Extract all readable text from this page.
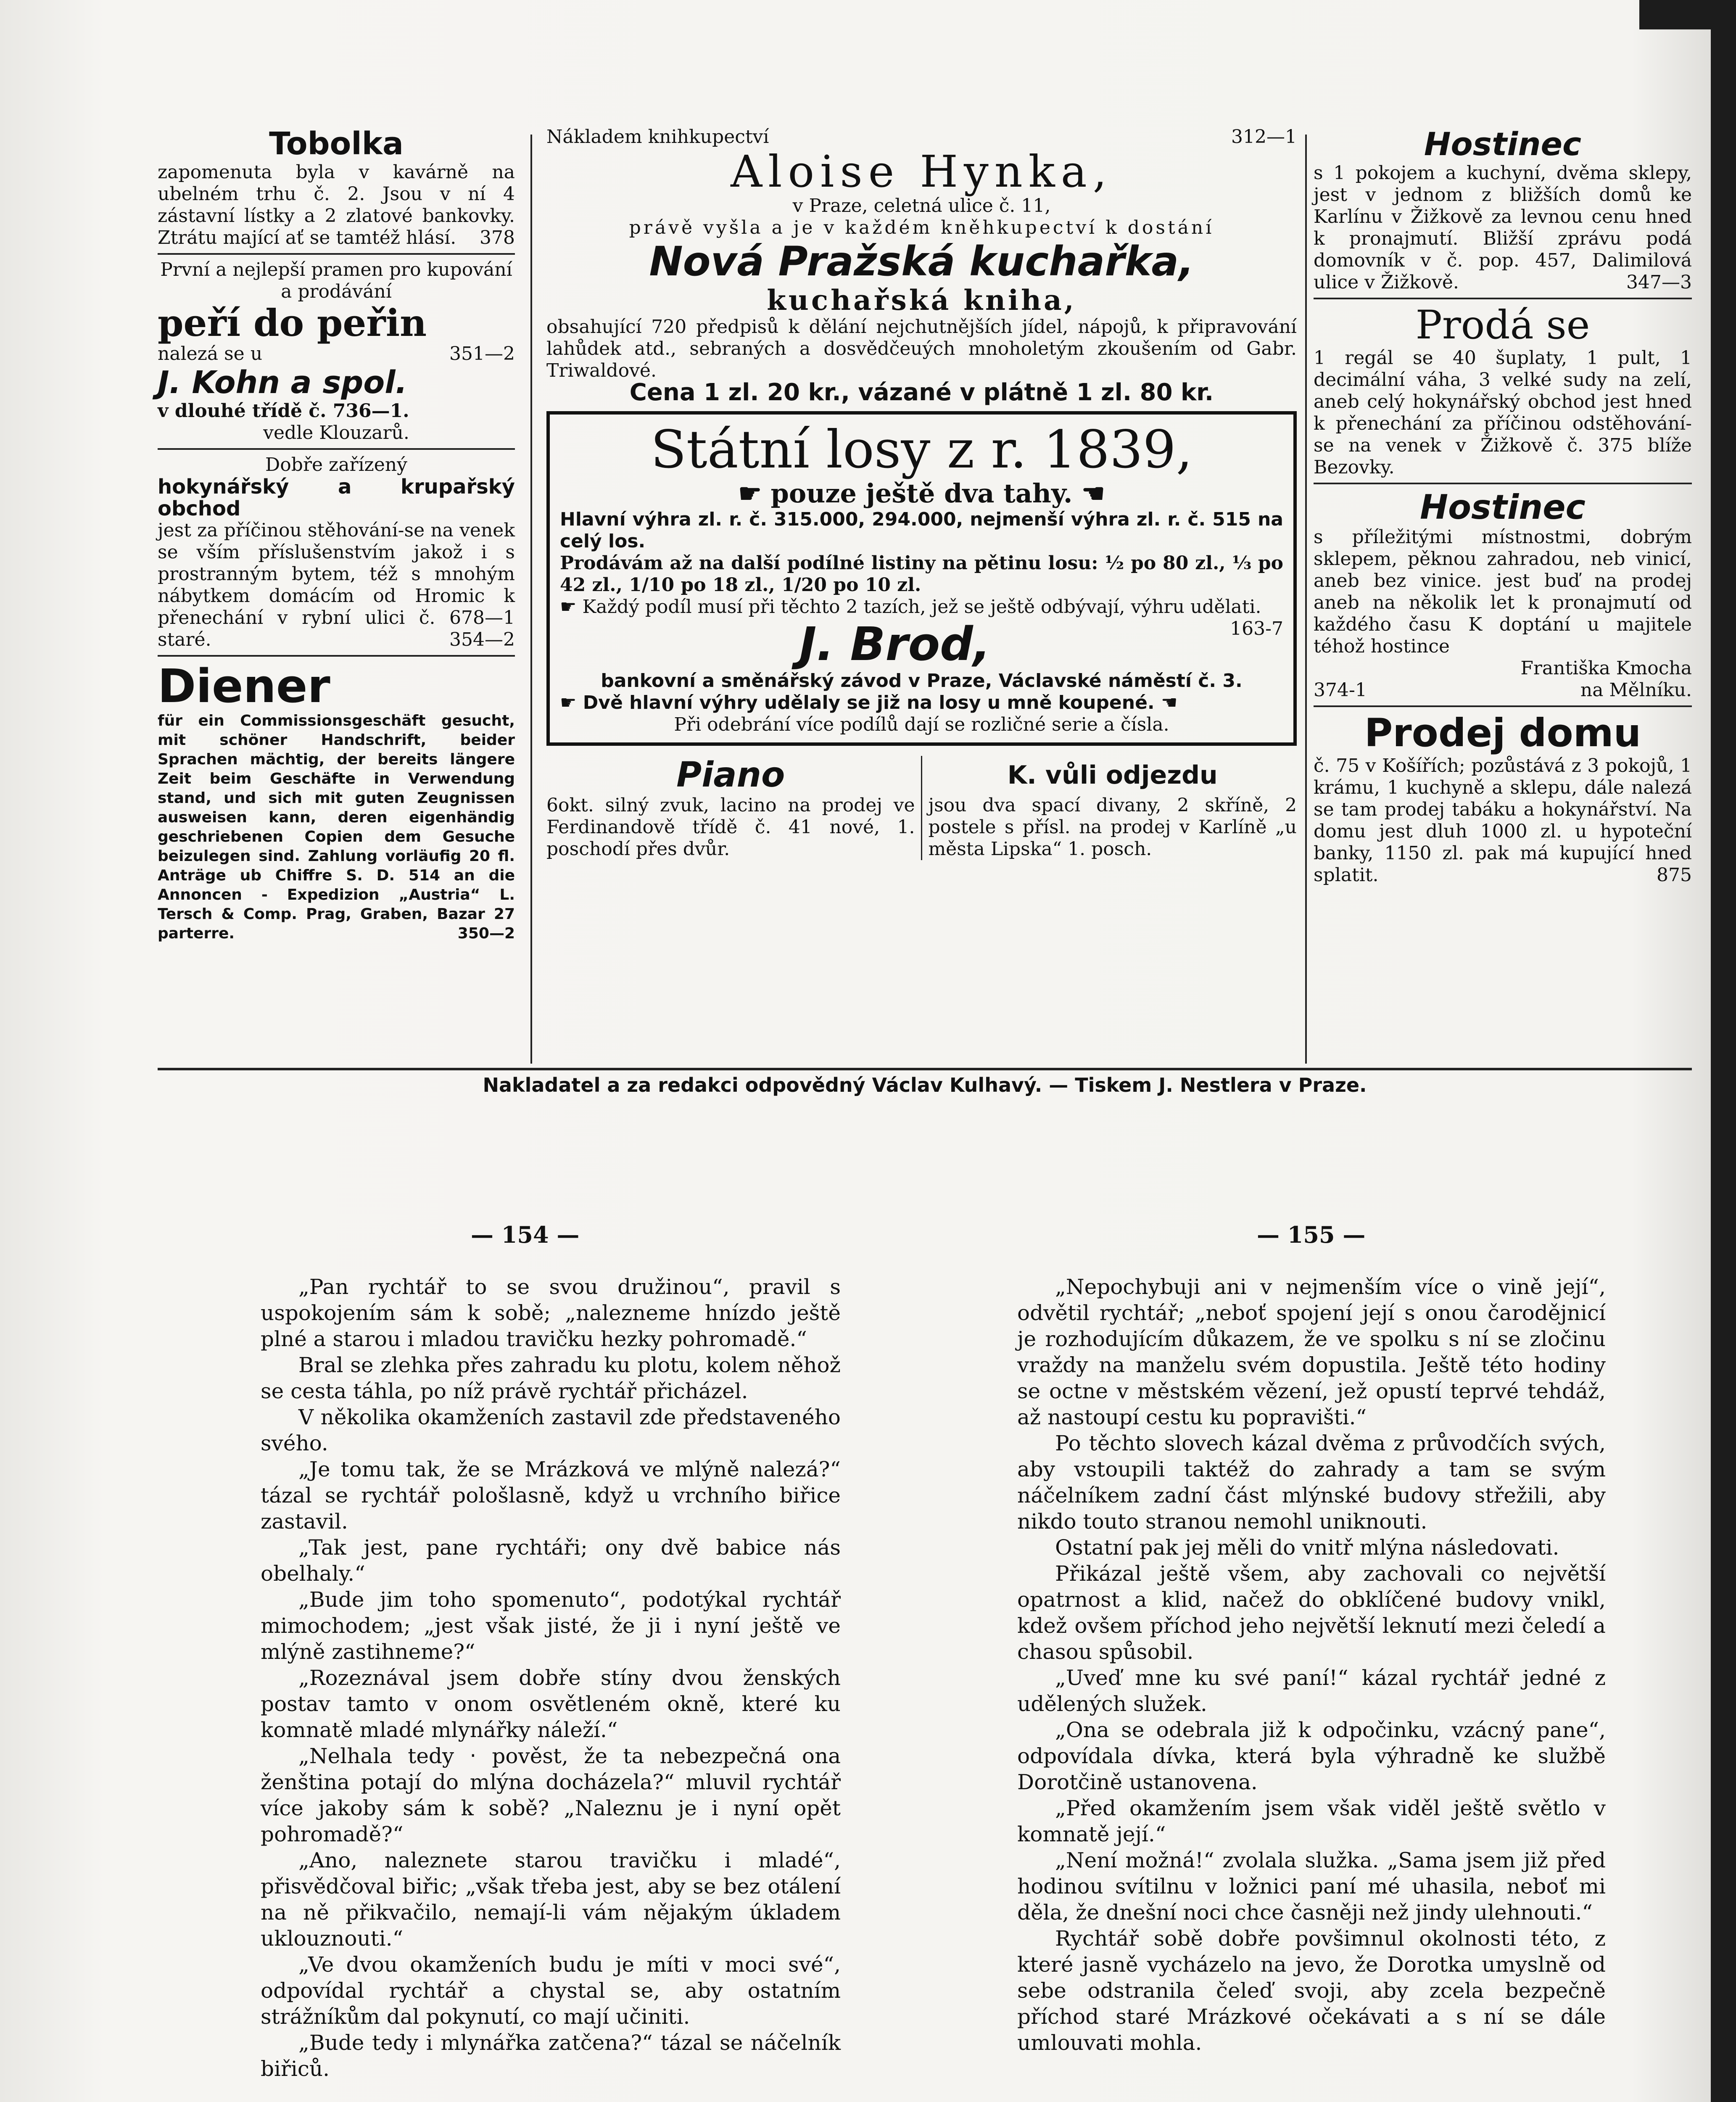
Tobolka
zapomenuta byla v kavárně na ubelném trhu č. 2. Jsou v ní 4 zástavní lístky a 2 zlatové bankovky. Ztrátu mající ať se tamtéž hlásí. 378
První a nejlepší pramen pro kupování a prodávání
peří do peřin
nalezá se u	351—2
J. Kohn a spol.
v dlouhé třídě č. 736—1.
vedle Klouzarů.
Dobře zařízený
hokynářský a krupařský obchod
jest za příčinou stěhování-se na venek se vším příslušenstvím jakož i s prostranným bytem, též s mnohým nábytkem domácím od Hromic k přenechání v rybní ulici č. 678—1 staré.	354—2
Diener
für ein Commissionsgeschäft gesucht, mit schöner Handschrift, beider Sprachen mächtig, der bereits längere Zeit beim Geschäfte in Verwendung stand, und sich mit guten Zeugnissen ausweisen kann, deren eigenhändig geschriebenen Copien dem Gesuche beizulegen sind. Zahlung vorläufig 20 fl. Anträge ub Chiffre S. D. 514 an die Annoncen - Expedizion „Austria“ L. Tersch & Comp. Prag, Graben, Bazar 27 parterre.	350—2
Nákladem knihkupectví	312—1
Aloise Hynka,
v Praze, celetná ulice č. 11,
právě vyšla a je v každém kněhkupectví k dostání
Nová Pražská kuchařka,
kuchařská kniha,
obsahující 720 předpisů k dělání nejchutnějších jídel, nápojů, k připravování lahůdek atd., sebraných a dosvědčeuých mnoholetým zkoušením od Gabr. Triwaldové.
Cena 1 zl. 20 kr., vázané v plátně 1 zl. 80 kr.
Státní losy z r. 1839,
☛ pouze ještě dva tahy. ☚
Hlavní výhra zl. r. č. 315.000, 294.000, nejmenší výhra zl. r. č. 515 na celý los.
Prodávám až na další podílné listiny na pětinu losu: ½ po 80 zl., ⅓ po 42 zl., 1/10 po 18 zl., 1/20 po 10 zl.
☛ Každý podíl musí při těchto 2 tazích, jež se ještě odbývají, výhru udělati.
163-7
J. Brod,
bankovní a směnářský závod v Praze, Václavské náměstí č. 3.
☛ Dvě hlavní výhry udělaly se již na losy u mně koupené. ☚
Při odebrání více podílů dají se rozličné serie a čísla.
Piano
6okt. silný zvuk, lacino na prodej ve Ferdinandově třídě č. 41 nové, 1. poschodí přes dvůr.
K. vůli odjezdu
jsou dva spací divany, 2 skříně, 2 postele s přísl. na prodej v Karlíně „u města Lipska“ 1. posch.
Hostinec
s 1 pokojem a kuchyní, dvěma sklepy, jest v jednom z bližších domů ke Karlínu v Žižkově za levnou cenu hned k pronajmutí. Bližší zprávu podá domovník v č. pop. 457, Dalimilová ulice v Žižkově.	347—3
Prodá se
1 regál se 40 šuplaty, 1 pult, 1 decimální váha, 3 velké sudy na zelí, aneb celý hokynářský obchod jest hned k přenechání za příčinou odstěhování-se na venek v Žižkově č. 375 blíže Bezovky.
Hostinec
s příležitými místnostmi, dobrým sklepem, pěknou zahradou, neb vinicí, aneb bez vinice. jest buď na prodej aneb na několik let k pronajmutí od každého času K doptání u majitele téhož hostince
Františka Kmocha
374-1	na Mělníku.
Prodej domu
č. 75 v Košířích; pozůstává z 3 pokojů, 1 krámu, 1 kuchyně a sklepu, dále nalezá se tam prodej tabáku a hokynářství. Na domu jest dluh 1000 zl. u hypoteční banky, 1150 zl. pak má kupující hned splatit.	875
Nakladatel a za redakci odpovědný Václav Kulhavý. — Tiskem J. Nestlera v Praze.
— 154 —	— 155 —

„Pan rychtář to se svou družinou“, pravil s uspokojením sám k sobě; „nalezneme hnízdo ještě plné a starou i mladou travičku hezky pohromadě.“

Bral se zlehka přes zahradu ku plotu, kolem něhož se cesta táhla, po níž právě rychtář přicházel.

V několika okamženích zastavil zde představeného svého.

„Je tomu tak, že se Mrázková ve mlýně nalezá?“ tázal se rychtář pološlasně, když u vrchního biřice zastavil.

„Tak jest, pane rychtáři; ony dvě babice nás obelhaly.“

„Bude jim toho spomenuto“, podotýkal rychtář mimochodem; „jest však jisté, že ji i nyní ještě ve mlýně zastihneme?“

„Rozeznával jsem dobře stíny dvou ženských postav tamto v onom osvětleném okně, které ku komnatě mladé mlynářky náleží.“

„Nelhala tedy ‧ pověst, že ta nebezpečná ona ženština potají do mlýna docházela?“ mluvil rychtář více jakoby sám k sobě? „Naleznu je i nyní opět pohromadě?“

„Ano, naleznete starou travičku i mladé“, přisvědčoval biřic; „však třeba jest, aby se bez otálení na ně přikvačilo, nemají-li vám nějakým úkladem uklouznouti.“

„Ve dvou okamženích budu je míti v moci své“, odpovídal rychtář a chystal se, aby ostatním strážníkům dal pokynutí, co mají učiniti.

„Bude tedy i mlynářka zatčena?“ tázal se náčelník biřiců.

„Nepochybuji ani v nejmenším více o vině její“, odvětil rychtář; „neboť spojení její s onou čarodějnicí je rozhodujícím důkazem, že ve spolku s ní se zločinu vraždy na manželu svém dopustila. Ještě této hodiny se octne v městském vězení, jež opustí teprvé tehdáž, až nastoupí cestu ku popravišti.“

Po těchto slovech kázal dvěma z průvodčích svých, aby vstoupili taktéž do zahrady a tam se svým náčelníkem zadní část mlýnské budovy střežili, aby nikdo touto stranou nemohl uniknouti.

Ostatní pak jej měli do vnitř mlýna následovati.

Přikázal ještě všem, aby zachovali co největší opatrnost a klid, načež do obklíčené budovy vnikl, kdež ovšem příchod jeho největší leknutí mezi čeledí a chasou spůsobil.

„Uveď mne ku své paní!“ kázal rychtář jedné z udělených služek.

„Ona se odebrala již k odpočinku, vzácný pane“, odpovídala dívka, která byla výhradně ke službě Dorotčině ustanovena.

„Před okamžením jsem však viděl ještě světlo v komnatě její.“

„Není možná!“ zvolala služka. „Sama jsem již před hodinou svítilnu v ložnici paní mé uhasila, neboť mi děla, že dnešní noci chce časněji než jindy ulehnouti.“

Rychtář sobě dobře povšimnul okolnosti této, z které jasně vycházelo na jevo, že Dorotka umyslně od sebe odstranila čeleď svoji, aby zcela bezpečně příchod staré Mrázkové očekávati a s ní se dále umlouvati mohla.
